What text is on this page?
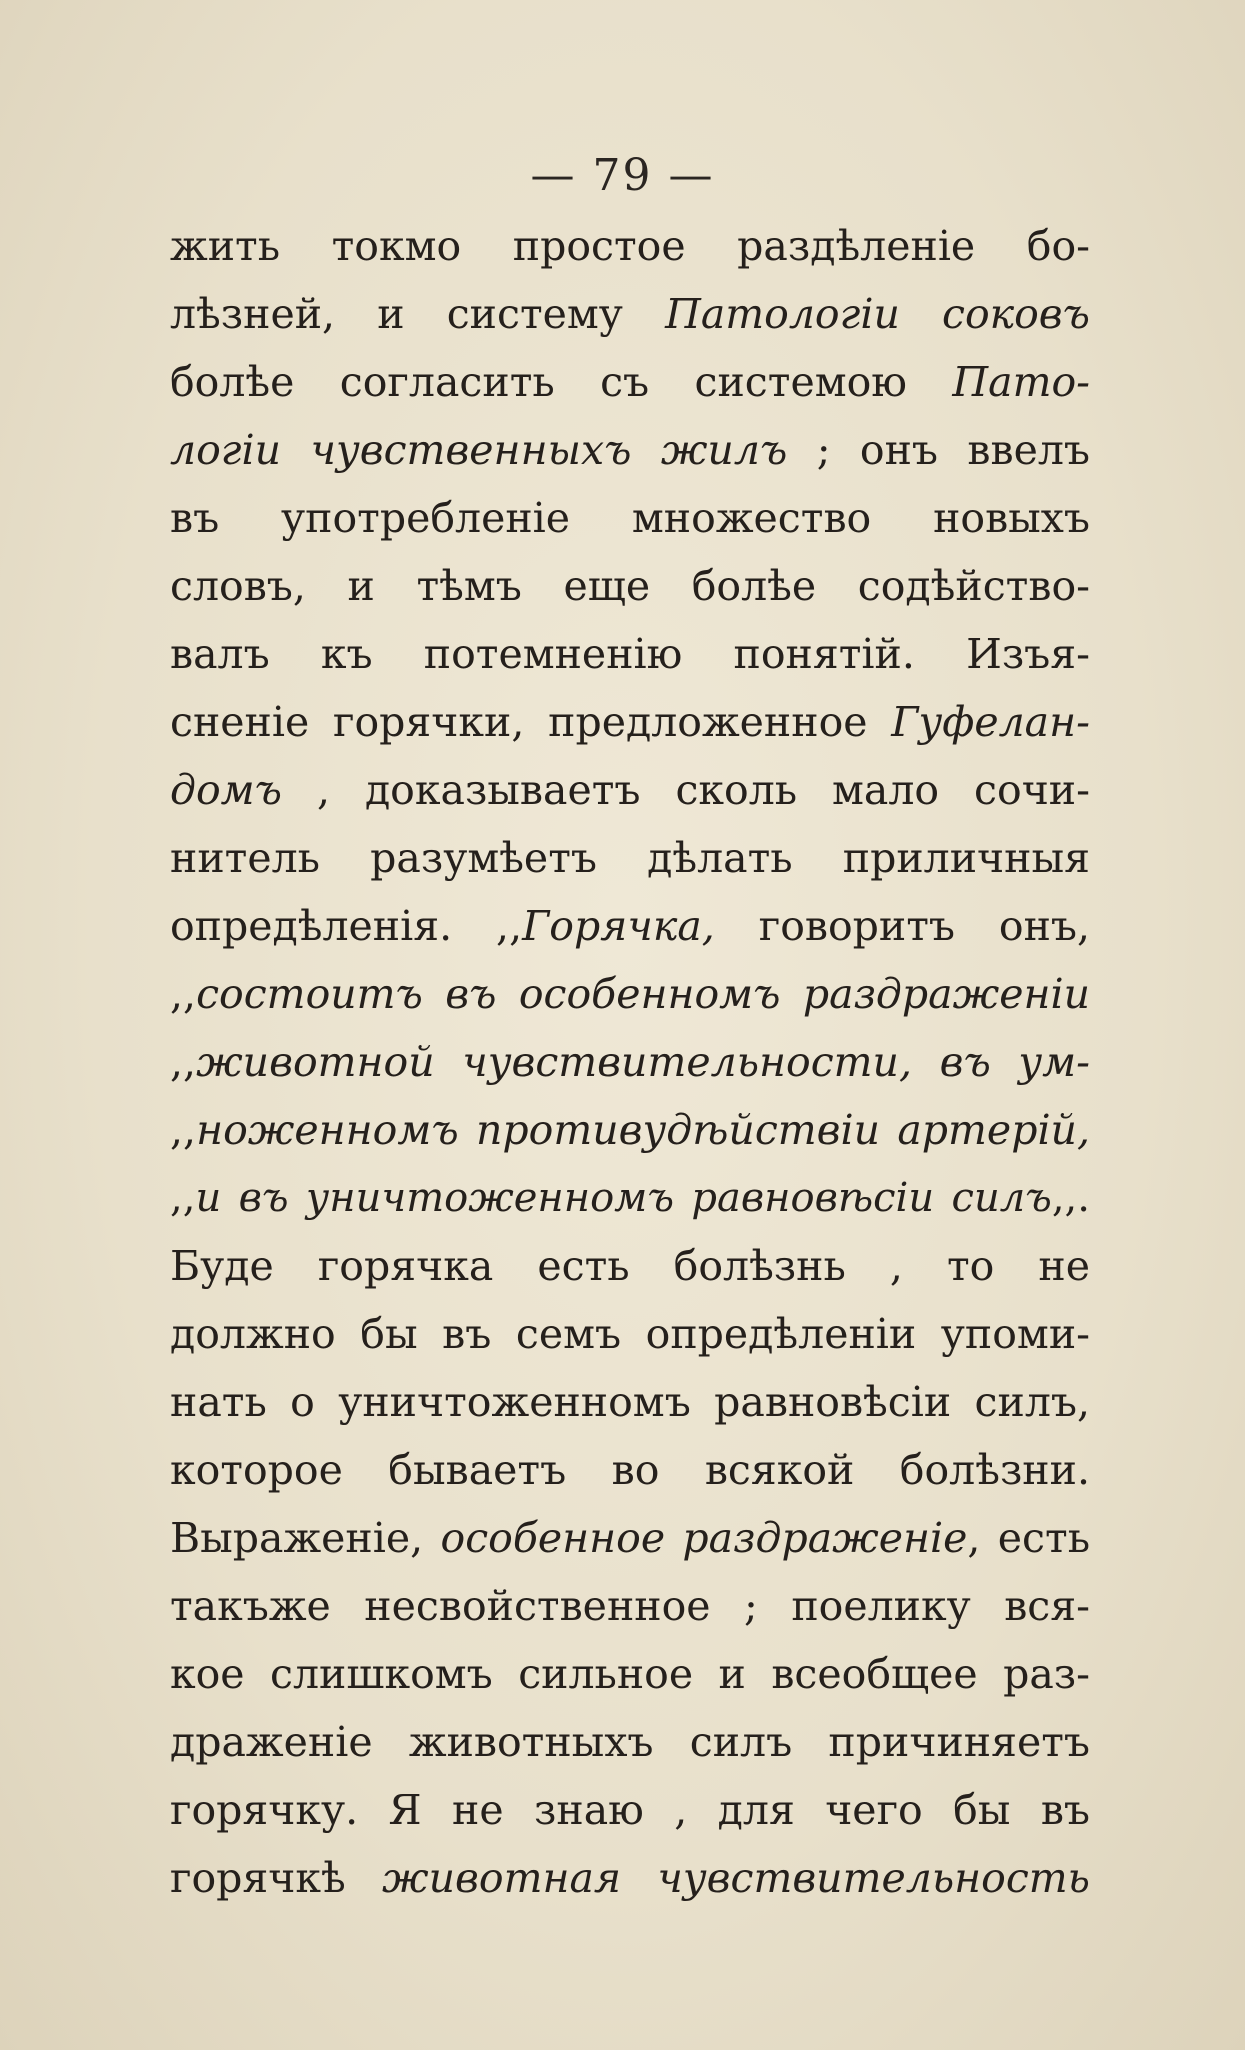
— 79 —
жить токмо простое раздѣленіе бо-
лѣзней, и систему Патологіи соковъ
болѣе согласить съ системою Пато-
логіи чувственныхъ жилъ ; онъ ввелъ
въ употребленіе множество новыхъ
словъ, и тѣмъ еще болѣе содѣйство-
валъ къ потемненію понятій. Изъя-
сненіе горячки, предложенное Гуфелан-
домъ , доказываетъ сколь мало сочи-
нитель разумѣетъ дѣлать приличныя
опредѣленія. ,,Горячка, говоритъ онъ,
,,состоитъ въ особенномъ раздраженіи
,,животной чувствительности, въ ум-
,,ноженномъ противудѣйствіи артерій,
,,и въ уничтоженномъ равновѣсіи силъ,,.
Буде горячка есть болѣзнь , то не
должно бы въ семъ опредѣленіи упоми-
нать о уничтоженномъ равновѣсіи силъ,
которое бываетъ во всякой болѣзни.
Выраженіе, особенное раздраженіе, есть
такъже несвойственное ; поелику вся-
кое слишкомъ сильное и всеобщее раз-
драженіе животныхъ силъ причиняетъ
горячку. Я не знаю , для чего бы въ
горячкѣ животная чувствительность
